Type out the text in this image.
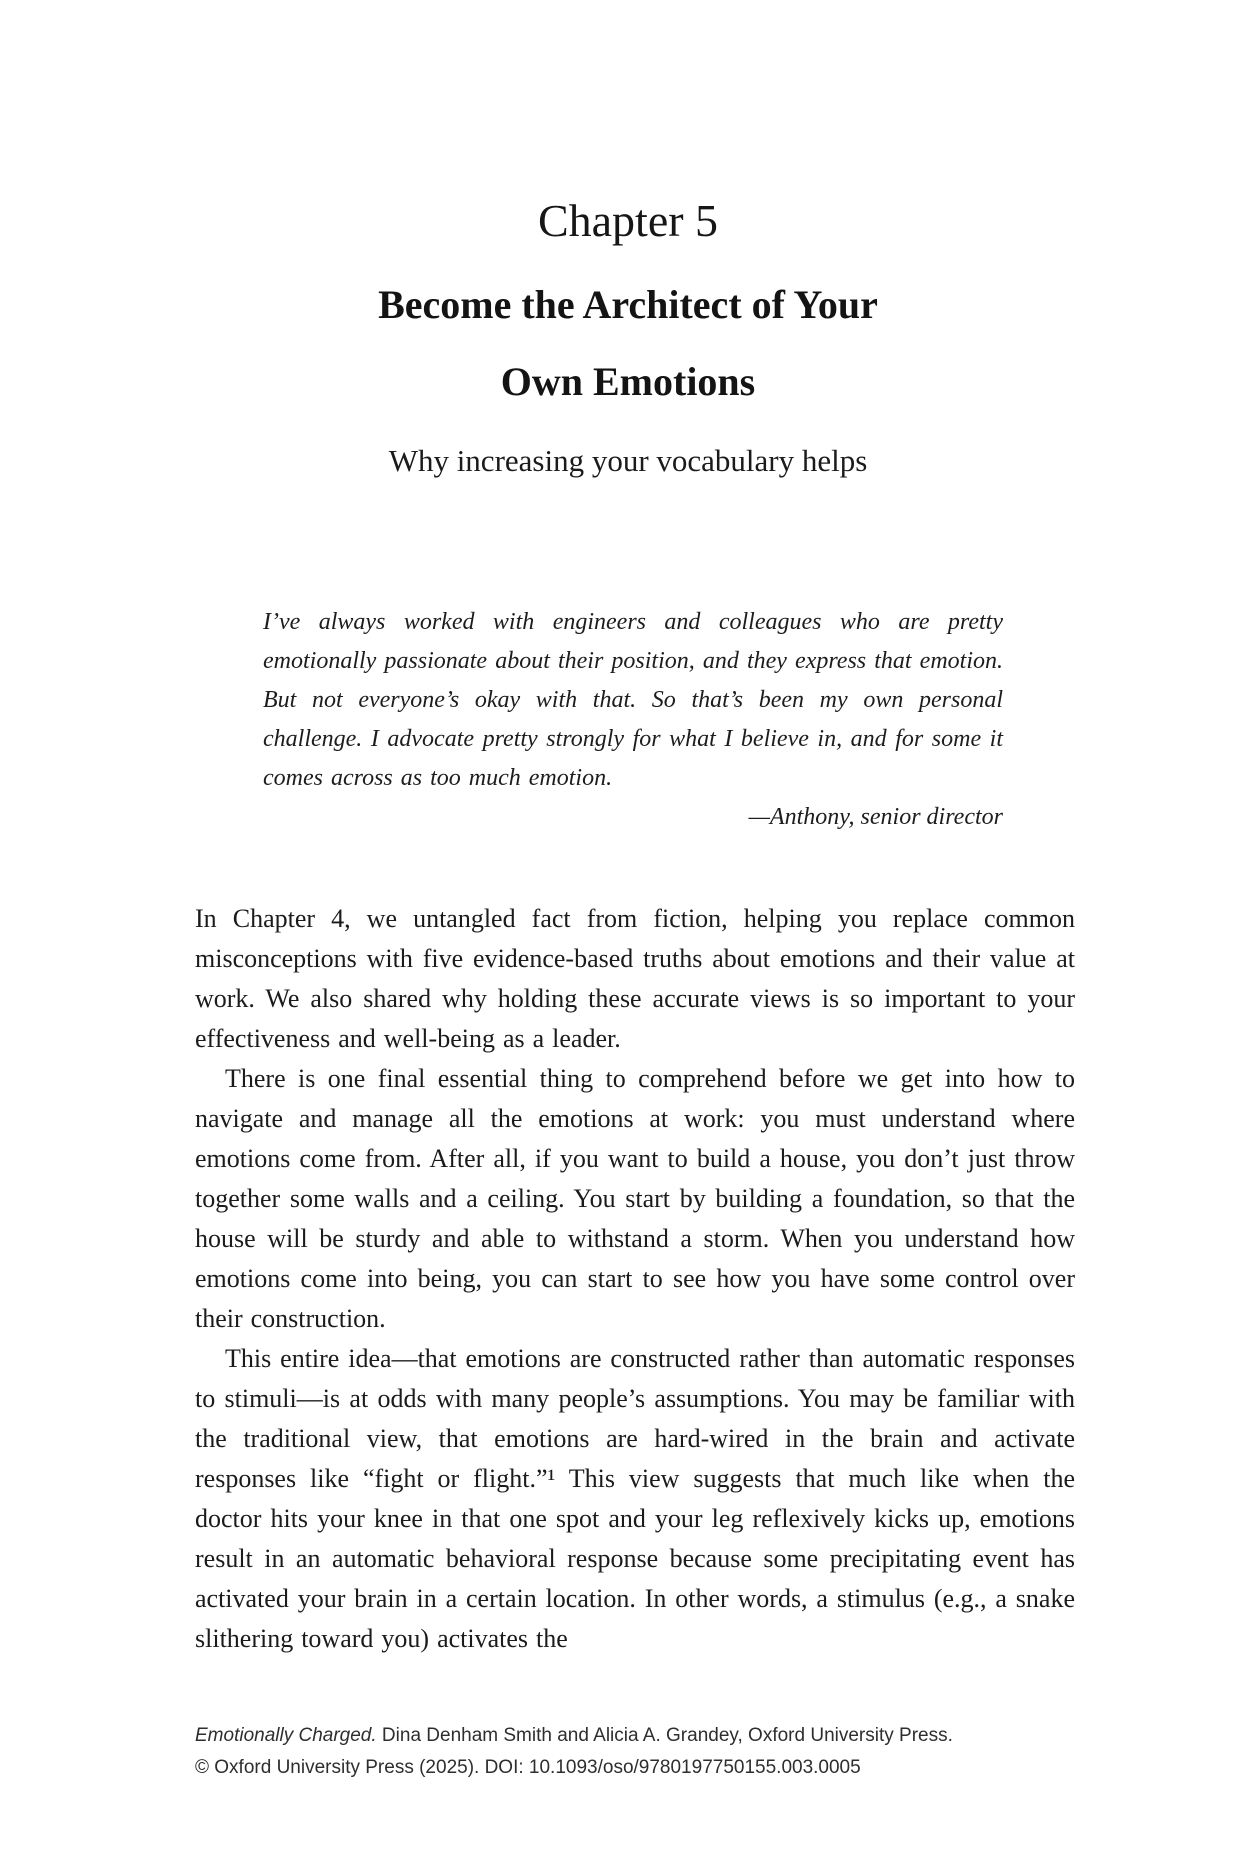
Chapter 5
Become the Architect of Your
Own Emotions
Why increasing your vocabulary helps

I’ve always worked with engineers and colleagues who are pretty emotionally passionate about their position, and they express that emotion. But not everyone’s okay with that. So that’s been my own personal challenge. I advocate pretty strongly for what I believe in, and for some it comes across as too much emotion.

—Anthony, senior director

In Chapter 4, we untangled fact from fiction, helping you replace common misconceptions with five evidence-based truths about emotions and their value at work. We also shared why holding these accurate views is so important to your effectiveness and well-being as a leader.

There is one final essential thing to comprehend before we get into how to navigate and manage all the emotions at work: you must understand where emotions come from. After all, if you want to build a house, you don’t just throw together some walls and a ceiling. You start by building a foundation, so that the house will be sturdy and able to withstand a storm. When you understand how emotions come into being, you can start to see how you have some control over their construction.

This entire idea—that emotions are constructed rather than automatic responses to stimuli—is at odds with many people’s assumptions. You may be familiar with the traditional view, that emotions are hard-wired in the brain and activate responses like “fight or flight.”¹ This view suggests that much like when the doctor hits your knee in that one spot and your leg reflexively kicks up, emotions result in an automatic behavioral response because some precipitating event has activated your brain in a certain location. In other words, a stimulus (e.g., a snake slithering toward you) activates the

Emotionally Charged. Dina Denham Smith and Alicia A. Grandey, Oxford University Press.

© Oxford University Press (2025). DOI: 10.1093/oso/9780197750155.003.0005
